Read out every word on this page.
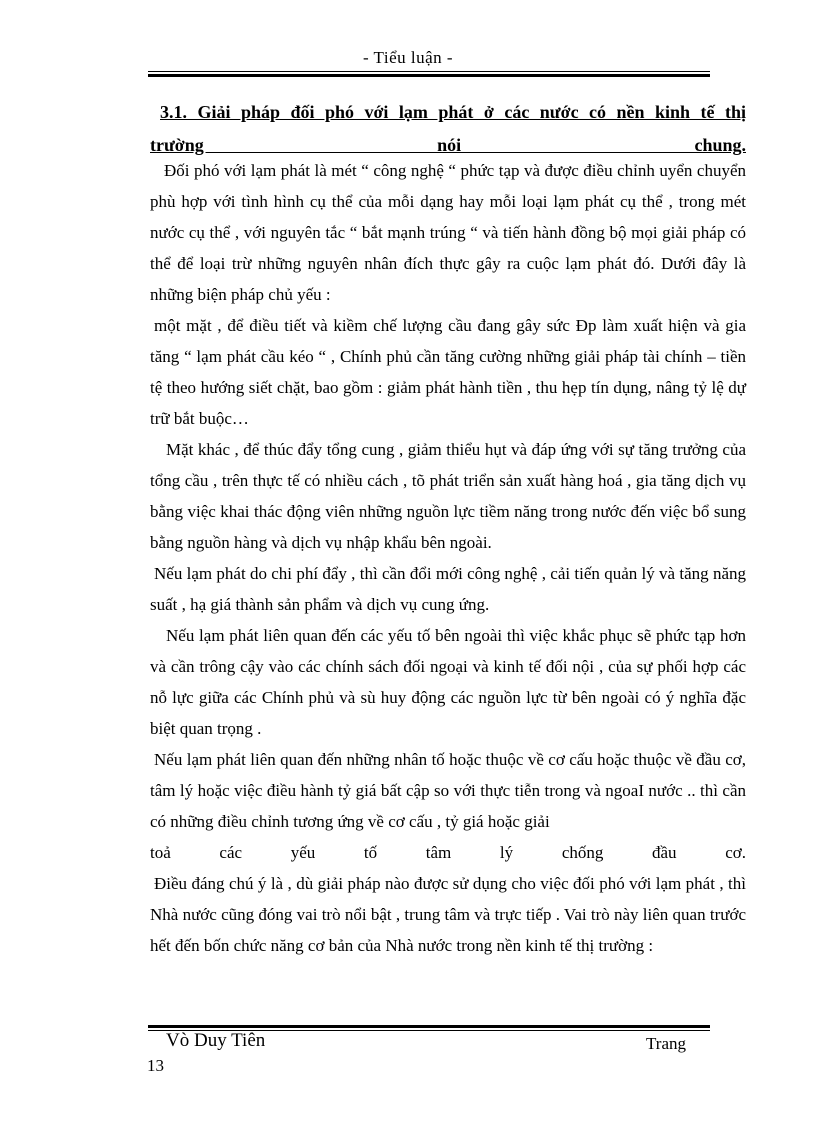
- Tiểu luận -
3.1. Giải pháp đối phó với lạm phát ở các nước có nền kinh tế thị
trường nói chung.

Đối phó với lạm phát là mét “ công nghệ “ phức tạp và được điều chỉnh uyển chuyển phù hợp với tình hình cụ thể của mỗi dạng hay mỗi loại lạm phát cụ thể , trong mét nước cụ thể , với nguyên tắc “ bắt mạnh trúng “ và tiến hành đồng bộ mọi giải pháp có thể để loại trừ những nguyên nhân đích thực gây ra cuộc lạm phát đó. Dưới đây là những biện pháp chủ yếu :

một mặt , để điều tiết và kiềm chế lượng cầu đang gây sức Ðp làm xuất hiện và gia tăng “ lạm phát cầu kéo “ , Chính phủ cần tăng cường những giải pháp tài chính – tiền tệ theo hướng siết chặt, bao gồm : giảm phát hành tiền , thu hẹp tín dụng, nâng tỷ lệ dự trữ bắt buộc…

Mặt khác , để thúc đẩy tổng cung , giảm thiểu hụt và đáp ứng với sự tăng trưởng của tổng cầu , trên thực tế có nhiều cách , tõ phát triển sản xuất hàng hoá , gia tăng dịch vụ bằng việc khai thác động viên những nguồn lực tiềm năng trong nước đến việc bổ sung bằng nguồn hàng và dịch vụ nhập khẩu bên ngoài.

Nếu lạm phát do chi phí đẩy , thì cần đổi mới công nghệ , cải tiến quản lý và tăng năng suất , hạ giá thành sản phẩm và dịch vụ cung ứng.

Nếu lạm phát liên quan đến các yếu tố bên ngoài thì việc khắc phục sẽ phức tạp hơn và cần trông cậy vào các chính sách đối ngoại và kinh tế đối nội , của sự phối hợp các nỗ lực giữa các Chính phủ và sù huy động các nguồn lực từ bên ngoài có ý nghĩa đặc biệt quan trọng .

Nếu lạm phát liên quan đến những nhân tố hoặc thuộc về cơ cấu hoặc thuộc về đầu cơ, tâm lý hoặc việc điều hành tỷ giá bất cập so với thực tiễn trong và ngoaI nước .. thì cần có những điều chỉnh tương ứng về cơ cấu , tỷ giá hoặc giải

toả các yếu tố tâm lý chống đầu cơ.

Điều đáng chú ý là , dù giải pháp nào được sử dụng cho việc đối phó với lạm phát , thì Nhà nước cũng đóng vai trò nổi bật , trung tâm và trực tiếp . Vai trò này liên quan trước hết đến bốn chức năng cơ bản của Nhà nước trong nền kinh tế thị trường :

Vò Duy Tiên	Trang
13
